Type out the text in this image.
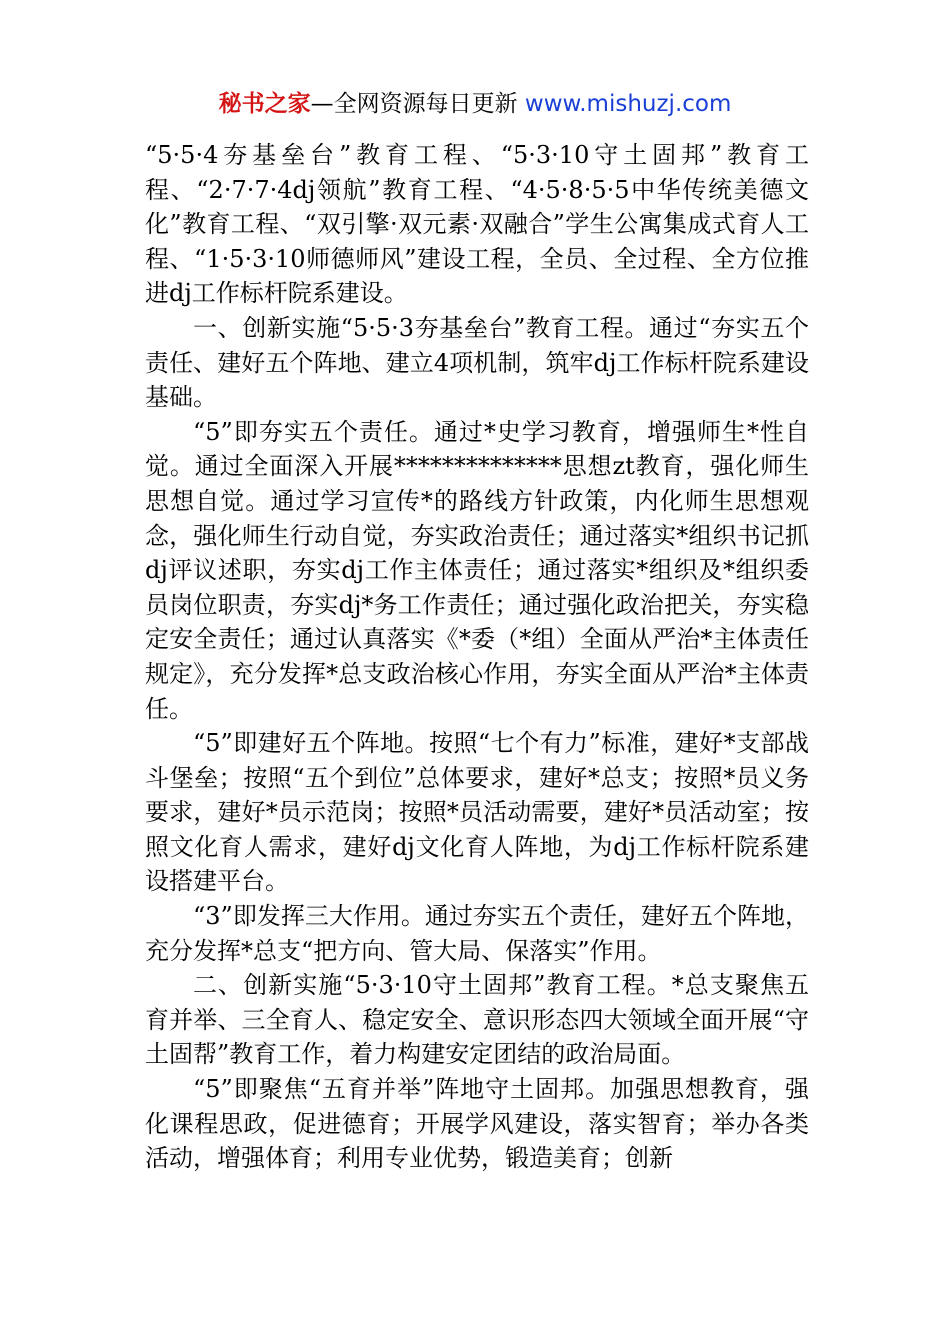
秘书之家—全网资源每日更新 www.mishuzj.com

“5·5·4夯基垒台”教育工程、“5·3·10守土固邦”教育工程、“2·7·7·4dj领航”教育工程、“4·5·8·5·5中华传统美德文化”教育工程、“双引擎·双元素·双融合”学生公寓集成式育人工程、“1·5·3·10师德师风”建设工程，全员、全过程、全方位推进dj工作标杆院系建设。

一、创新实施“5·5·3夯基垒台”教育工程。通过“夯实五个责任、建好五个阵地、建立4项机制，筑牢dj工作标杆院系建设基础。

“5”即夯实五个责任。通过*史学习教育，增强师生*性自觉。通过全面深入开展**************思想zt教育，强化师生思想自觉。通过学习宣传*的路线方针政策，内化师生思想观念，强化师生行动自觉，夯实政治责任；通过落实*组织书记抓dj评议述职，夯实dj工作主体责任；通过落实*组织及*组织委员岗位职责，夯实dj*务工作责任；通过强化政治把关，夯实稳定安全责任；通过认真落实《*委（*组）全面从严治*主体责任规定》，充分发挥*总支政治核心作用，夯实全面从严治*主体责任。

“5”即建好五个阵地。按照“七个有力”标准，建好*支部战斗堡垒；按照“五个到位”总体要求，建好*总支；按照*员义务要求，建好*员示范岗；按照*员活动需要，建好*员活动室；按照文化育人需求，建好dj文化育人阵地，为dj工作标杆院系建设搭建平台。

“3”即发挥三大作用。通过夯实五个责任，建好五个阵地，充分发挥*总支“把方向、管大局、保落实”作用。

二、创新实施“5·3·10守土固邦”教育工程。*总支聚焦五育并举、三全育人、稳定安全、意识形态四大领域全面开展“守土固帮”教育工作，着力构建安定团结的政治局面。

“5”即聚焦“五育并举”阵地守土固邦。加强思想教育，强化课程思政，促进德育；开展学风建设，落实智育；举办各类活动，增强体育；利用专业优势，锻造美育；创新
